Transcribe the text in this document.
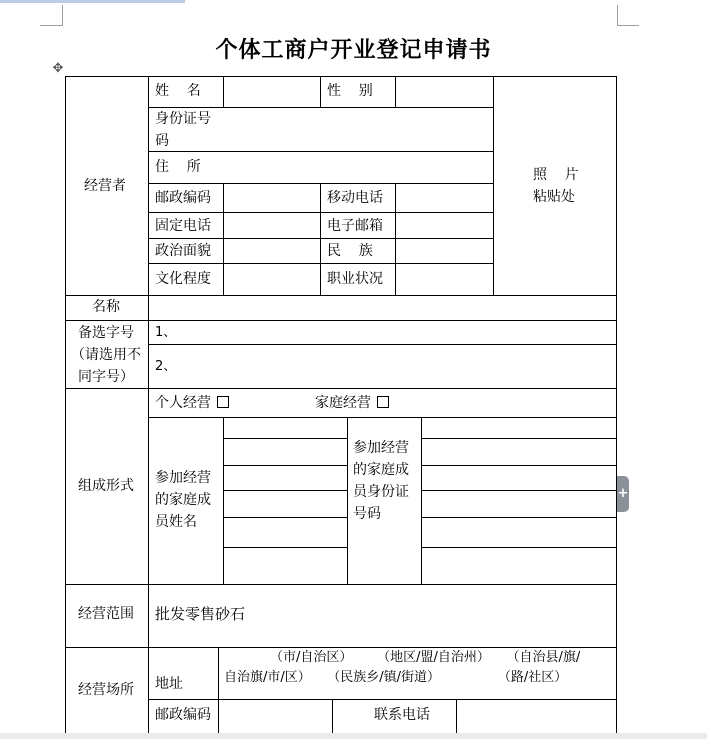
个体工商户开业登记申请书
✥
经营者
姓    名	性    别
身份证号码
住    所
邮政编码	移动电话
固定电话	电子邮箱
政治面貌	民    族
文化程度	职业状况
照    片
粘贴处
名称
备选字号（请选用不同字号）
1、
2、
组成形式
个人经营	家庭经营
参加经营的家庭成员姓名
参加经营的家庭成员身份证号码
经营范围 批发零售砂石
经营场所 地址
（市/自治区）      （地区/盟/自治州）    （自治县/旗/
自治旗/市/区）    （民族乡/镇/街道）              （路/社区）
邮政编码	联系电话
+
